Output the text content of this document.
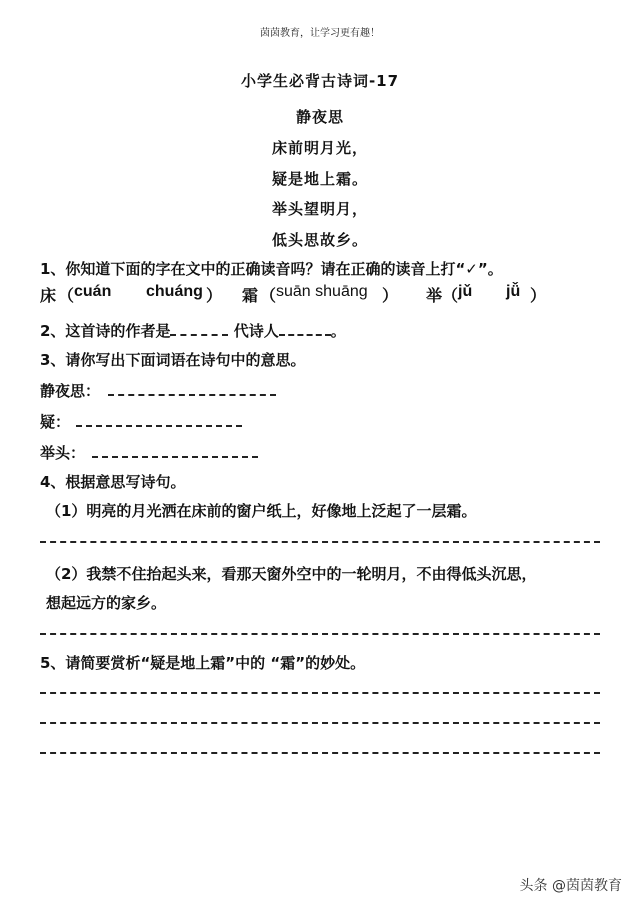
茵茵教育，让学习更有趣！
小学生必背古诗词-17
静夜思
床前明月光，
疑是地上霜。
举头望明月，
低头思故乡。
1、你知道下面的字在文中的正确读音吗？请在正确的读音上打“✓”。
床 （ cuán chuáng ） 霜 （ suān shuāng ） 举 （ jǔ jǚ ）
2、这首诗的作者是	代诗人	。
3、请你写出下面词语在诗句中的意思。
静夜思：
疑：
举头：
4、根据意思写诗句。
（1）明亮的月光洒在床前的窗户纸上，好像地上泛起了一层霜。
（2）我禁不住抬起头来，看那天窗外空中的一轮明月，不由得低头沉思，
想起远方的家乡。
5、请简要赏析“疑是地上霜”中的 “霜”的妙处。
头条 @茵茵教育
